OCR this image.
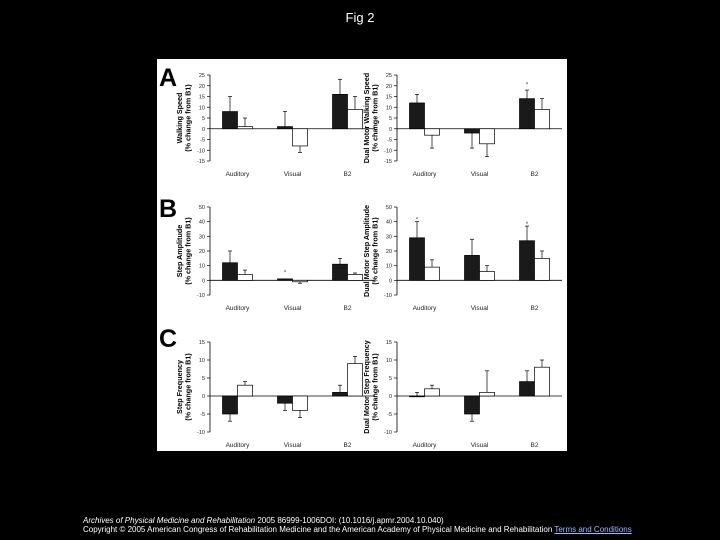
Fig 2
A
B
C
Walking Speed(% change from B1)
-15
-10
-5
0
5
10
15
20
25
Auditory	Visual	B2
Dual Motor Walking Speed(% change from B1)
-15
-10
-5
0
5
10
15
20
25
Auditory	Visual	B2
*
Step Amplitude(% change from B1)
-10
0
10
20
30
40
50
Auditory	Visual	B2
*	Dual Motor Step Amplitude(% change from B1)
-10
0
10
20
30
40
50
Auditory	Visual	B2
*
*
Step Frequency(% change from B1)
-10
-5
0
5
10
15
Auditory	Visual	B2
Dual Motor Step Frequency(% change from B1)
-10
-5
0
5
10
15
Auditory	Visual	B2
Archives of Physical Medicine and Rehabilitation 2005 86999-1006DOI: (10.1016/j.apmr.2004.10.040)
Copyright © 2005 American Congress of Rehabilitation Medicine and the American Academy of Physical Medicine and Rehabilitation Terms and Conditions
